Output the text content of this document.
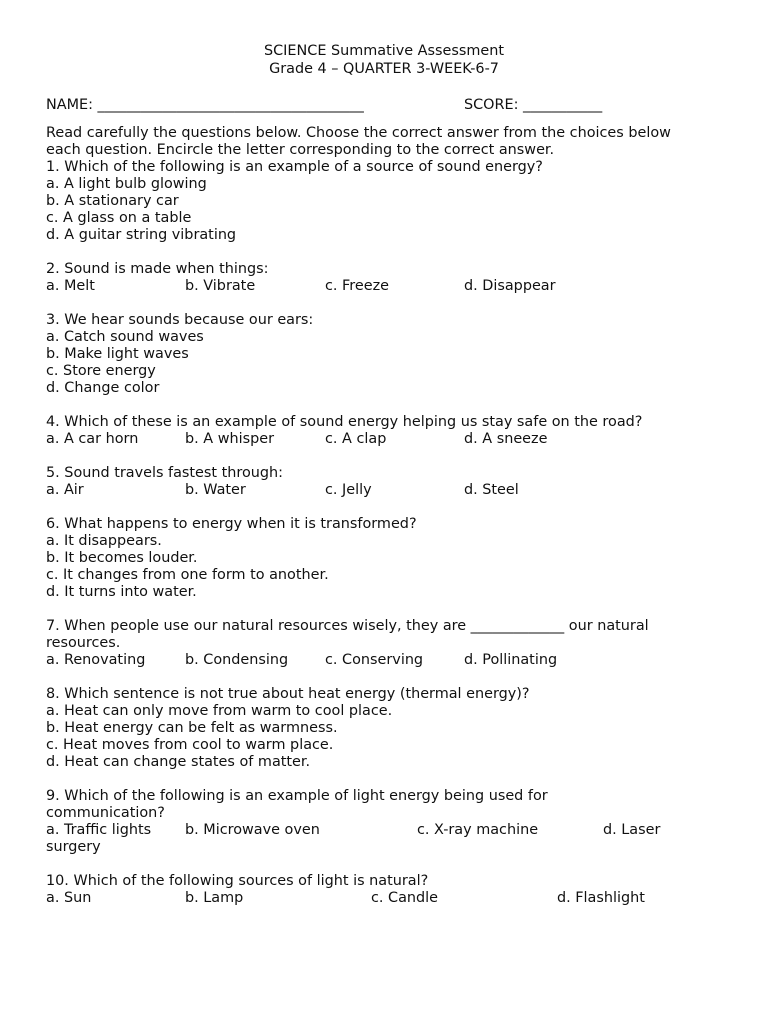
SCIENCE Summative Assessment
Grade 4 – QUARTER 3-WEEK-6-7
NAME: _____________________________________	SCORE: ___________
Read carefully the questions below. Choose the correct answer from the choices below each question. Encircle the letter corresponding to the correct answer.
1. Which of the following is an example of a source of sound energy?
a. A light bulb glowing
b. A stationary car
c. A glass on a table
d. A guitar string vibrating
2. Sound is made when things:
a. Melt	b. Vibrate	c. Freeze	d. Disappear
3. We hear sounds because our ears:
a. Catch sound waves
b. Make light waves
c. Store energy
d. Change color
4. Which of these is an example of sound energy helping us stay safe on the road?
a. A car horn	b. A whisper	c. A clap	d. A sneeze
5. Sound travels fastest through:
a. Air	b. Water	c. Jelly	d. Steel
6. What happens to energy when it is transformed?
a. It disappears.
b. It becomes louder.
c. It changes from one form to another.
d. It turns into water.
7. When people use our natural resources wisely, they are _____________ our natural resources.
a. Renovating	b. Condensing	c. Conserving	d. Pollinating
8. Which sentence is not true about heat energy (thermal energy)?
a. Heat can only move from warm to cool place.
b. Heat energy can be felt as warmness.
c. Heat moves from cool to warm place.
d. Heat can change states of matter.
9. Which of the following is an example of light energy being used for communication?
a. Traffic lights b. Microwave oven	c. X-ray machine	d. Laser
surgery
10. Which of the following sources of light is natural?
a. Sun	b. Lamp	c. Candle	d. Flashlight
